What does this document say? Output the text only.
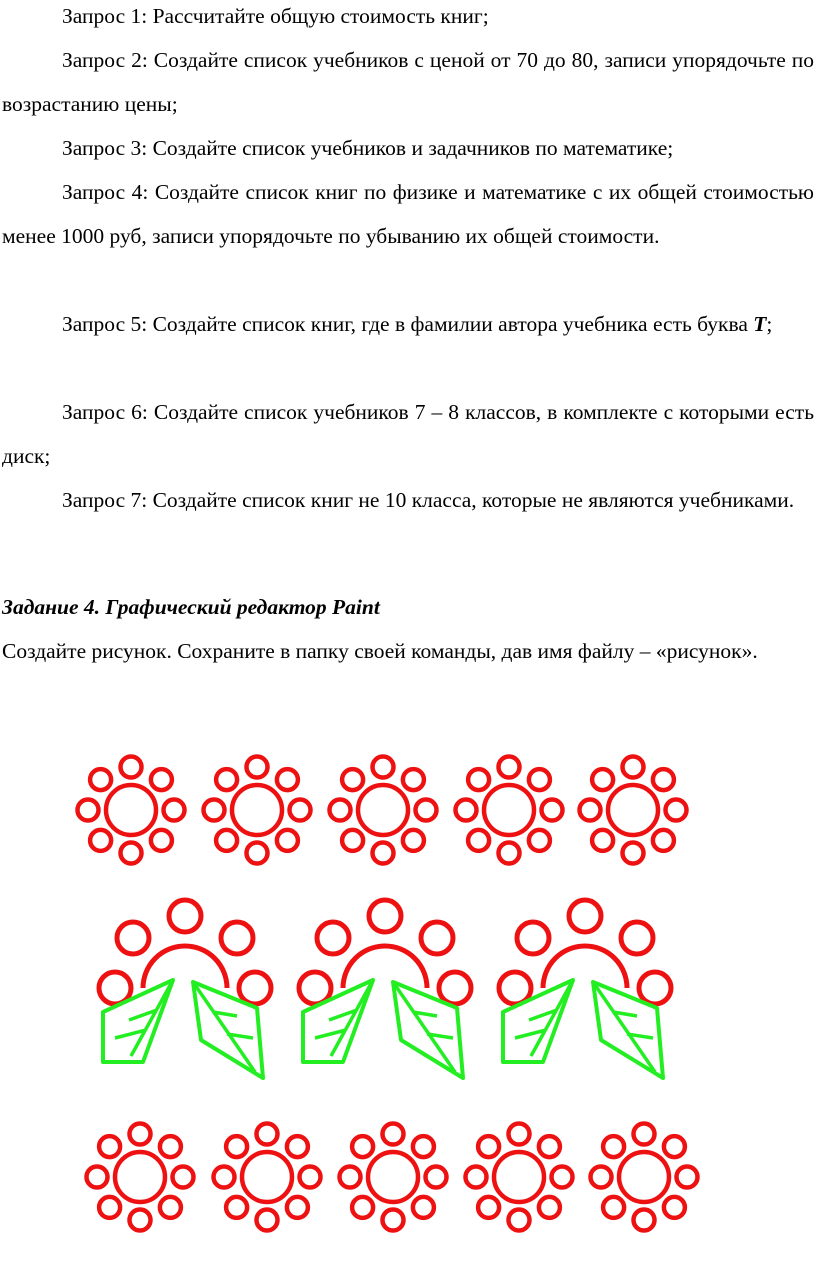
Запрос 1: Рассчитайте общую стоимость книг;

Запрос 2: Создайте список учебников с ценой от 70 до 80, записи упорядочьте по возрастанию цены;

Запрос 3: Создайте список учебников и задачников по математике;

Запрос 4: Создайте список книг по физике и математике с их общей стоимостью менее 1000 руб, записи упорядочьте по убыванию их общей стоимости.

Запрос 5: Создайте список книг, где в фамилии автора учебника есть буква T;

Запрос 6: Создайте список учебников 7 – 8 классов, в комплекте с которыми есть диск;

Запрос 7: Создайте список книг не 10 класса, которые не являются учебниками.

Задание 4. Графический редактор Paint

Создайте рисунок. Сохраните в папку своей команды, дав имя файлу – «рисунок».
